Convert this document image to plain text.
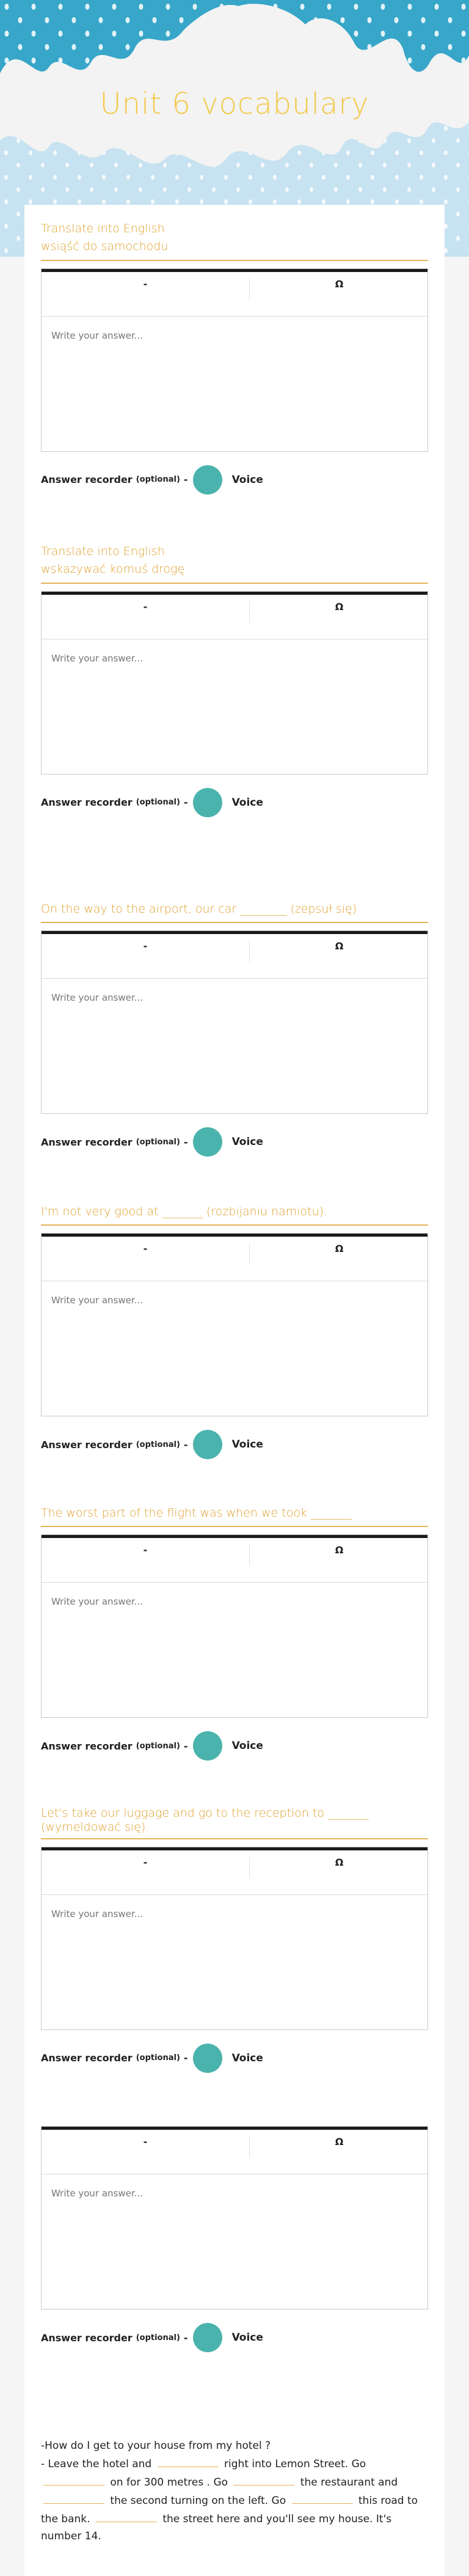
Unit 6 vocabulary
Translate into English
wsiąść do samochodu
-	Ω
Write your answer...
Answer recorder (optional) -	Voice
Translate into English
wskazywać komuś drogę
-	Ω
Write your answer...
Answer recorder (optional) -	Voice
On the way to the airport, our car ________ (zepsuł się)
-	Ω
Write your answer...
Answer recorder (optional) -	Voice
I'm not very good at _______ (rozbijaniu namiotu).
-	Ω
Write your answer...
Answer recorder (optional) -	Voice
The worst part of the flight was when we took _______
-	Ω
Write your answer...
Answer recorder (optional) -	Voice
Let's take our luggage and go to the reception to _______ (wymeldować się).
-	Ω
Write your answer...
Answer recorder (optional) -	Voice
-	Ω
Write your answer...
Answer recorder (optional) -	Voice
-How do I get to your house from my hotel ?
- Leave the hotel and	right into Lemon Street. Go  on for 300 metres . Go	the restaurant and  the second turning on the left. Go	this road to the bank.	the street here and you'll see my house. It's number 14.
